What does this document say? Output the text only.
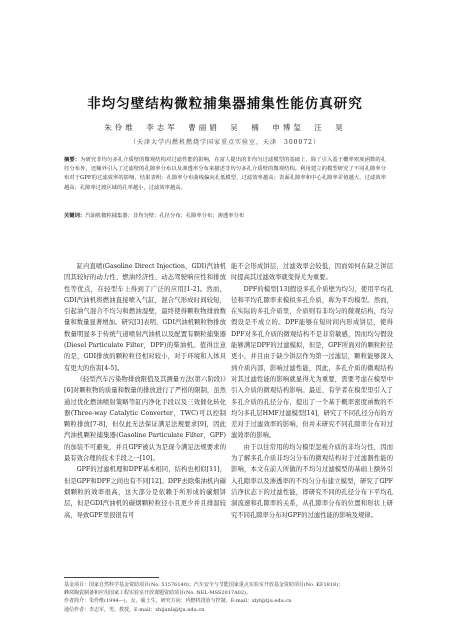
非均匀壁结构微粒捕集器捕集性能仿真研究
朱伶维　李志军　曹丽娟　吴　楠　申博玺　汪　昊
（天津大学内燃机燃烧学国家重点实验室，天津　300072）
摘要：为研究非均匀多孔介质壁的微观结构对过滤性能的影响，在富人提出的非均匀过滤模型的基础上，除了引入基于概率密度函数的孔径分布外，还额外引入了过滤壁的孔隙率分布以及渗透率分布来描述非均匀多孔介质壁的微观结构。利用建立的模型研究了不同孔隙率分布对于GPF的过滤效率的影响，结果表明：孔隙率分布曲线偏向孔低模型，过滤效率越高；表面孔隙率和中心孔隙率差值越大，过滤效率越高；孔隙率过渡区域的孔率越小，过滤效率越高。
关键词：汽油机微粒捕集器；非均匀壁；孔径分布；孔隙率分布；渗透率分布

缸内直喷(Gasoline Direct Injection，GDI)汽油机因其较好的动力性、燃油经济性、动态驾驶响应性和排放性等优点，在轻型车上得到了广泛的应用[1-2]。然而，GDI汽油机将燃油直接喷入气缸，混合气形成时间较短，引起油气混合不均匀和燃油湿壁，最终使得颗粒物排放数量和数量显著增加。研究[3]表明，GDI汽油机颗粒物排放数量明显多于传统气道喷射汽油机以及配置有颗粒捕集器(Diesel Particulate Filter，DPF)的柴油机。值得注意的是，GDI排放的颗粒粒径相对较小，对于环境和人体具有更大的伤害[4-5]。

《轻型汽车污染物排放限值及其测量方法(第六阶段)》[6]对颗粒物的质量和数量的排放进行了严格的限制，虽然通过优化燃油喷射策略等缸内净化手段以及三效催化转化器(Three-way Catalytic Converter，TWC)可以控制颗粒排放[7-8]，但仅此无法保证满足法规要求[9]，因此汽油机颗粒捕集器(Gasoline Particulate Filter，GPF)的加装不可避免，并且GPF被认为是现今满足法规要求的最有效合理的技术手段之一[10]。

GPF的过滤机理和DPF基本相同，结构也相似[11]，但是GPF和DPF之间也有不同[12]。DPF去除柴油机内碳烟颗粒的效率很高，这大部分是依赖于所形成的碳烟饼层，但是GDI汽油机的碳烟颗粒粒径小且更少并且排温较高，导致GPF里很很有可

能不会形成饼层，过滤效率会较低，因而如何在缺乏饼层时提高其过滤效率就变得尤为重要。

DPF的模型[13]假设多孔介质壁为均匀，使用平均孔径和平均孔隙率来模拟多孔介质，称为平均模型。然而，在实际的多孔介质里，介质则有非均匀的微观结构，均匀假设是不成立的。DPF能够在短时间内形成饼层，使得DPF对多孔介质的微观结构不是非常敏感，因而均匀假设能够满足DPF的过滤模拟，但是，GPF所面对的颗粒粒径更小，并且由于缺少饼层作为第一过滤层，颗粒能够深入到介质内部，影响过滤性能，因此，多孔介质的微观结构对其过滤性能的影响就显得尤为重要，需要考虑在模型中引入介质的微观结构影响。最近，有学者在模型里引入了多孔介质的孔径分布，提出了一个基于概率密度函数的不均匀多孔层HMF过滤模型[14]，研究了不同孔径分布的方差对于过滤效率的影响，但并未研究不同孔隙率分布对过滤效率的影响。

由于以往常用的均匀模型忽视介质的非均匀性，因而为了解多孔介质非均匀分布的微观结构对于过滤器性能的影响，本文在前人所做的不均匀过滤模型的基础上额外引入孔隙率以及渗透率的不均匀分布建立模型，研究了GPF洁净状态下的过滤性能，即研究不同的孔径分布下平均孔洞流速和孔隙率的关系，从孔隙率分布的位置和形状上研究不同孔隙率分布对GPF的过滤性能的影响及规律。

基金项目：国家自然科学基金资助项目(No. 51576140)；汽车安全与节能国家重点实验室开放基金资助项目(No. KF1818)；
蜂窝陶瓷制备和应用国家工程实验室开放课题资助项目(No. NEL-MSS2017A02)。
作者简介：朱伶维(1994—)，女，硕士生，研究方向：内燃机排放与控制。E-mail：zlyt@tju.edu.cn
通信作者：李志军，男，教授。E-mail：zhijunli@tju.edu.cn
